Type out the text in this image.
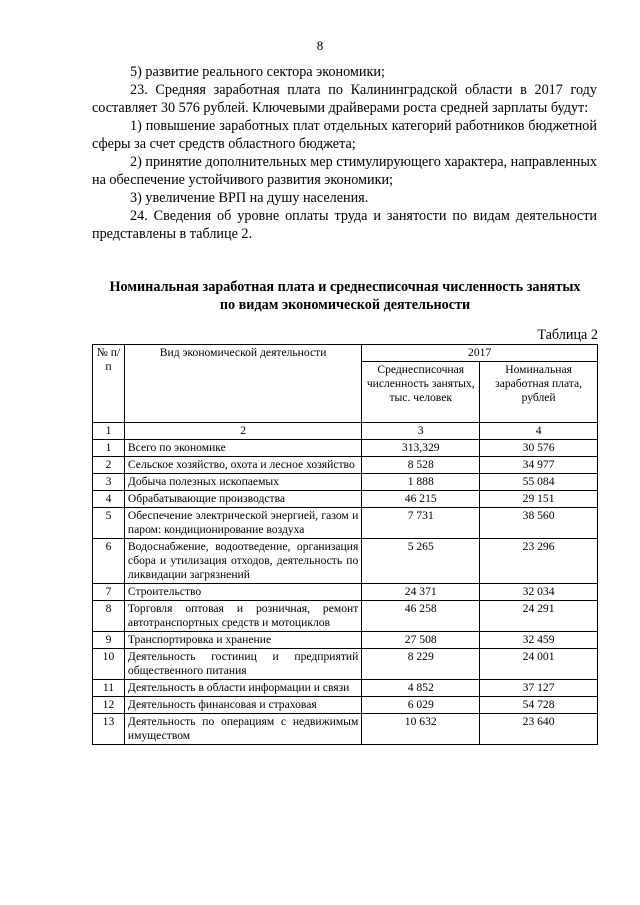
8

5) развитие реального сектора экономики;

23. Средняя заработная плата по Калининградской области в 2017 году составляет 30 576 рублей. Ключевыми драйверами роста средней зарплаты будут:

1) повышение заработных плат отдельных категорий работников бюджетной сферы за счет средств областного бюджета;

2) принятие дополнительных мер стимулирующего характера, направленных на обеспечение устойчивого развития экономики;

3) увеличение ВРП на душу населения.

24. Сведения об уровне оплаты труда и занятости по видам деятельности представлены в таблице 2.

Номинальная заработная плата и среднесписочная численность занятых
по видам экономической деятельности
Таблица 2
№ п/п	Вид экономической деятельности	2017	
		Среднесписочная численность занятых, тыс. человек	Номинальная заработная плата, рублей
1	2	3	4
1	Всего по экономике	313,329	30 576
2	Сельское хозяйство, охота и лесное хозяйство	8 528	34 977
3	Добыча полезных ископаемых	1 888	55 084
4	Обрабатывающие производства	46 215	29 151
5	Обеспечение электрической энергией, газом и паром: кондиционирование воздуха	7 731	38 560
6	Водоснабжение, водоотведение, организация сбора и утилизация отходов, деятельность по ликвидации загрязнений	5 265	23 296
7	Строительство	24 371	32 034
8	Торговля оптовая и розничная, ремонт автотранспортных средств и мотоциклов	46 258	24 291
9	Транспортировка и хранение	27 508	32 459
10	Деятельность гостиниц и предприятий общественного питания	8 229	24 001
11	Деятельность в области информации и связи	4 852	37 127
12	Деятельность финансовая и страховая	6 029	54 728
13	Деятельность по операциям с недвижимым имуществом	10 632	23 640
